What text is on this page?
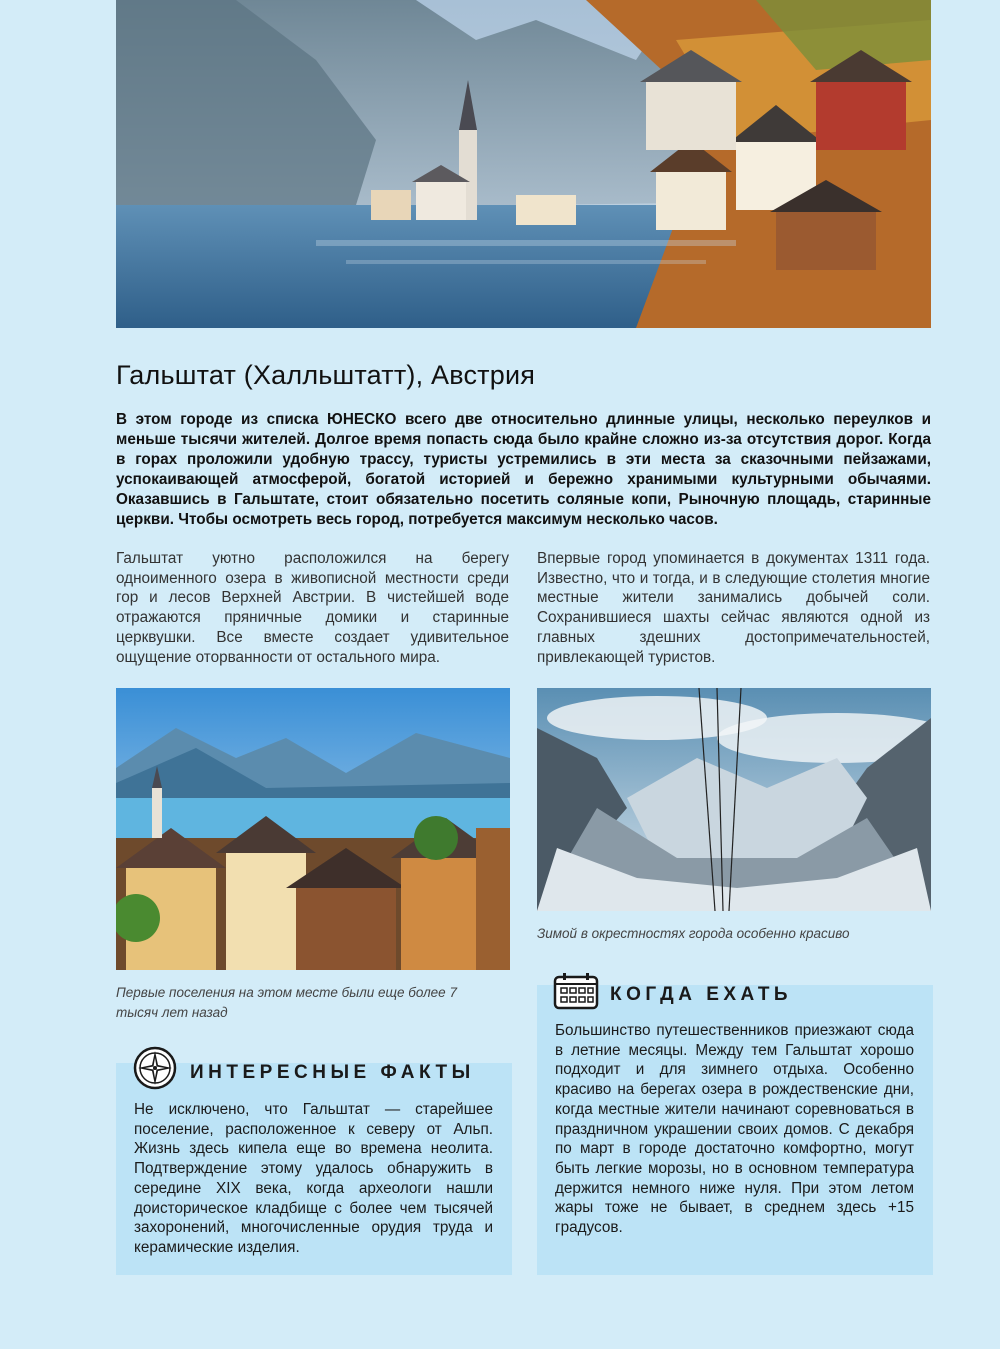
Гальштат (Халльштатт), Австрия

В этом городе из списка ЮНЕСКО всего две относительно длинные улицы, несколько переулков и меньше тысячи жителей. Долгое время попасть сюда было крайне сложно из-за отсутствия дорог. Когда в горах проложили удобную трассу, туристы устремились в эти места за сказочными пейзажами, успокаивающей атмосферой, богатой историей и бережно хранимыми культурными обычаями. Оказавшись в Гальштате, стоит обязательно посетить соляные копи, Рыночную площадь, старинные церкви. Чтобы осмотреть весь город, потребуется максимум несколько часов.

Гальштат уютно расположился на берегу одноименного озера в живописной местности среди гор и лесов Верхней Австрии. В чистейшей воде отражаются пряничные домики и старинные церквушки. Все вместе создает удивительное ощущение оторванности от остального мира.

Впервые город упоминается в документах 1311 года. Известно, что и тогда, и в следующие столетия многие местные жители занимались добычей соли. Сохранившиеся шахты сейчас являются одной из главных здешних достопримечательностей, привлекающей туристов.

Первые поселения на этом месте были еще более 7 тысяч лет назад

Зимой в окрестностях города особенно красиво

ИНТЕРЕСНЫЕ ФАКТЫ
КОГДА ЕХАТЬ

Не исключено, что Гальштат — старейшее поселение, расположенное к северу от Альп. Жизнь здесь кипела еще во времена неолита. Подтверждение этому удалось обнаружить в середине XIX века, когда археологи нашли доисторическое кладбище с более чем тысячей захоронений, многочисленные орудия труда и керамические изделия.

Большинство путешественников приезжают сюда в летние месяцы. Между тем Гальштат хорошо подходит и для зимнего отдыха. Особенно красиво на берегах озера в рождественские дни, когда местные жители начинают соревноваться в праздничном украшении своих домов. С декабря по март в городе достаточно комфортно, могут быть легкие морозы, но в основном температура держится немного ниже нуля. При этом летом жары тоже не бывает, в среднем здесь +15 градусов.
